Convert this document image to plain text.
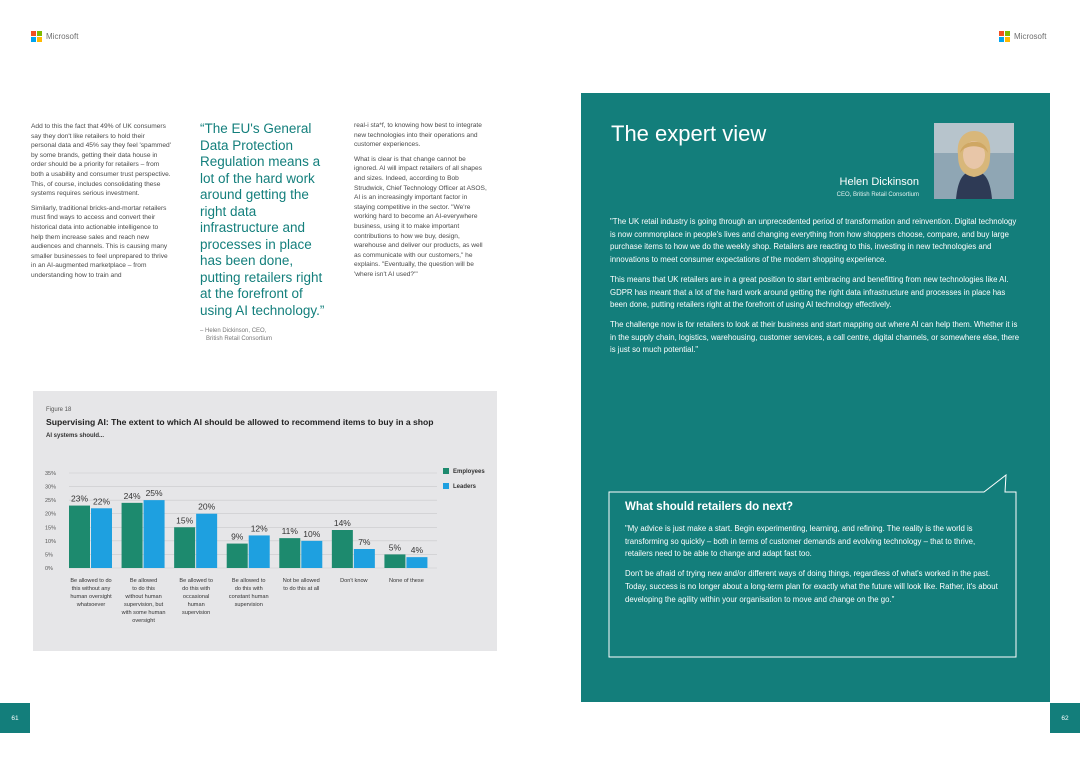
Microsoft	Microsoft

Add to this the fact that 49% of UK consumers say they don't like retailers to hold their personal data and 45% say they feel 'spammed' by some brands, getting their data house in order should be a priority for retailers – from both a usability and consumer trust perspective. This, of course, includes consolidating these systems requires serious investment.

Similarly, traditional bricks-and-mortar retailers must find ways to access and convert their historical data into actionable intelligence to help them increase sales and reach new audiences and channels. This is causing many smaller businesses to feel unprepared to thrive in an AI-augmented marketplace – from understanding how to train and

“The EU's General Data Protection Regulation means a lot of the hard work around getting the right data infrastructure and processes in place has been done, putting retailers right at the forefront of using AI technology.”
– Helen Dickinson, CEO,
British Retail Consortium

real-i sta*f, to knowing how best to integrate new technologies into their operations and customer experiences.

What is clear is that change cannot be ignored. AI will impact retailers of all shapes and sizes. Indeed, according to Bob Strudwick, Chief Technology Officer at ASOS, AI is an increasingly important factor in staying competitive in the sector. "We're working hard to become an AI-everywhere business, using it to make important contributions to how we buy, design, warehouse and deliver our products, as well as communicate with our customers," he explains. "Eventually, the question will be 'where isn't AI used?'"

Figure 18
Supervising AI: The extent to which AI should be allowed to recommend items to buy in a shop
AI systems should...
0%
5%
10%
15%
20%
25%
30%
35%
23% 22%
Be allowed to do
this without any
human oversight
whatsoever
24% 25%
Be allowed
to do this
without human
supervision, but
with some human
oversight
15%
20%
Be allowed to
do this with
occasional
human
supervision
9%
12%
Be allowed to
do this with
constant human
supervision
11% 10%
Not be allowed
to do this at all
14%
7%
Don't know
5% 4%
None of these
Employees
Leaders
The expert view
Helen Dickinson
CEO, British Retail Consortium

"The UK retail industry is going through an unprecedented period of transformation and reinvention. Digital technology is now commonplace in people's lives and changing everything from how shoppers choose, compare, and buy large purchase items to how we do the weekly shop. Retailers are reacting to this, investing in new technologies and innovations to meet consumer expectations of the modern shopping experience.

This means that UK retailers are in a great position to start embracing and benefitting from new technologies like AI. GDPR has meant that a lot of the hard work around getting the right data infrastructure and processes in place has been done, putting retailers right at the forefront of using AI technology effectively.

The challenge now is for retailers to look at their business and start mapping out where AI can help them. Whether it is in the supply chain, logistics, warehousing, customer services, a call centre, digital channels, or somewhere else, there is just so much potential."

What should retailers do next?

"My advice is just make a start. Begin experimenting, learning, and refining. The reality is the world is transforming so quickly – both in terms of customer demands and evolving technology – that to thrive, retailers need to be able to change and adapt fast too.

Don't be afraid of trying new and/or different ways of doing things, regardless of what's worked in the past. Today, success is no longer about a long-term plan for exactly what the future will look like. Rather, it's about developing the agility within your organisation to move and change on the go."

61	62
